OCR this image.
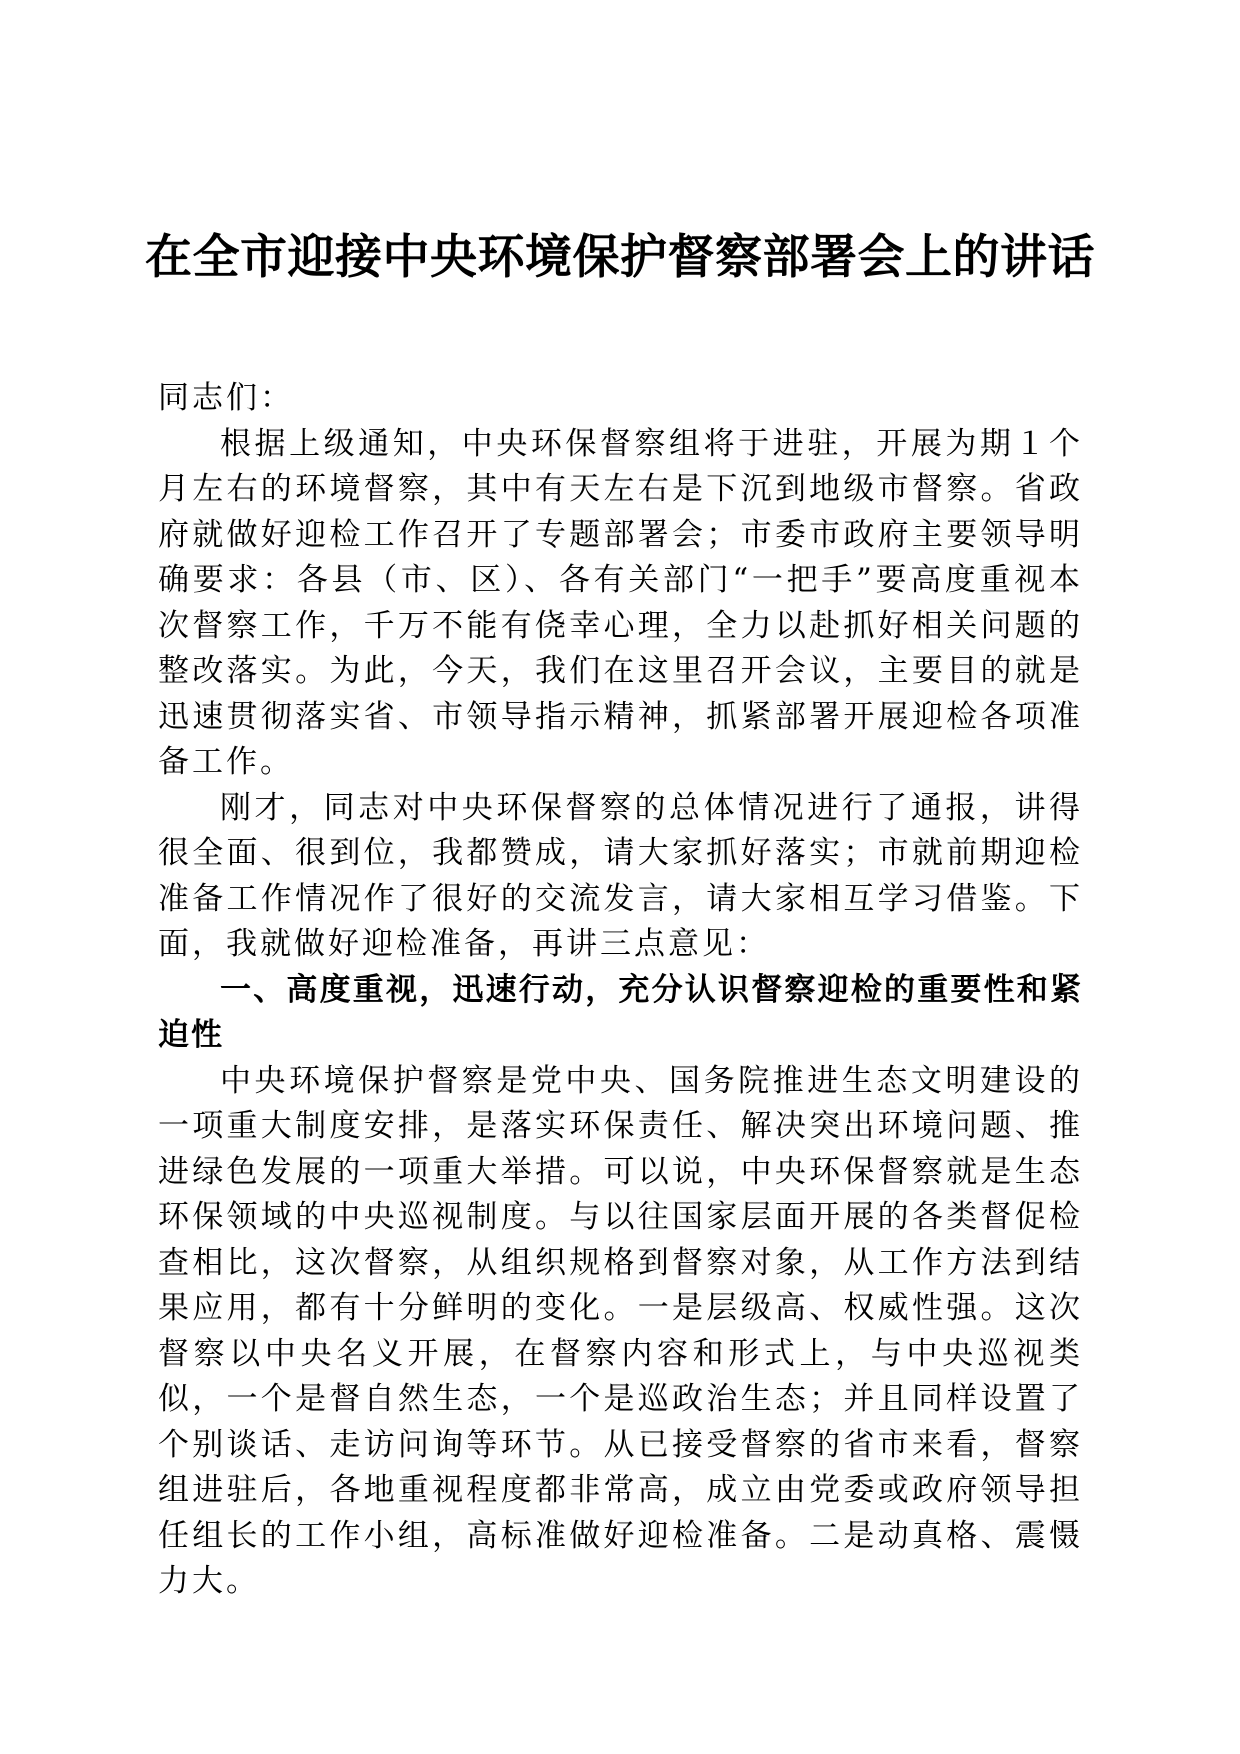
在全市迎接中央环境保护督察部署会上的讲话

同志们：

根据上级通知，中央环保督察组将于进驻，开展为期１个月左右的环境督察，其中有天左右是下沉到地级市督察。省政府就做好迎检工作召开了专题部署会；市委市政府主要领导明确要求：各县（市、区）、各有关部门“一把手”要高度重视本次督察工作，千万不能有侥幸心理，全力以赴抓好相关问题的整改落实。为此，今天，我们在这里召开会议，主要目的就是迅速贯彻落实省、市领导指示精神，抓紧部署开展迎检各项准备工作。

刚才，同志对中央环保督察的总体情况进行了通报，讲得很全面、很到位，我都赞成，请大家抓好落实；市就前期迎检准备工作情况作了很好的交流发言，请大家相互学习借鉴。下面，我就做好迎检准备，再讲三点意见：

一、高度重视，迅速行动，充分认识督察迎检的重要性和紧迫性

中央环境保护督察是党中央、国务院推进生态文明建设的一项重大制度安排，是落实环保责任、解决突出环境问题、推进绿色发展的一项重大举措。可以说，中央环保督察就是生态环保领域的中央巡视制度。与以往国家层面开展的各类督促检查相比，这次督察，从组织规格到督察对象，从工作方法到结果应用，都有十分鲜明的变化。一是层级高、权威性强。这次督察以中央名义开展，在督察内容和形式上，与中央巡视类似，一个是督自然生态，一个是巡政治生态；并且同样设置了个别谈话、走访问询等环节。从已接受督察的省市来看，督察组进驻后，各地重视程度都非常高，成立由党委或政府领导担任组长的工作小组，高标准做好迎检准备。二是动真格、震慑力大。
